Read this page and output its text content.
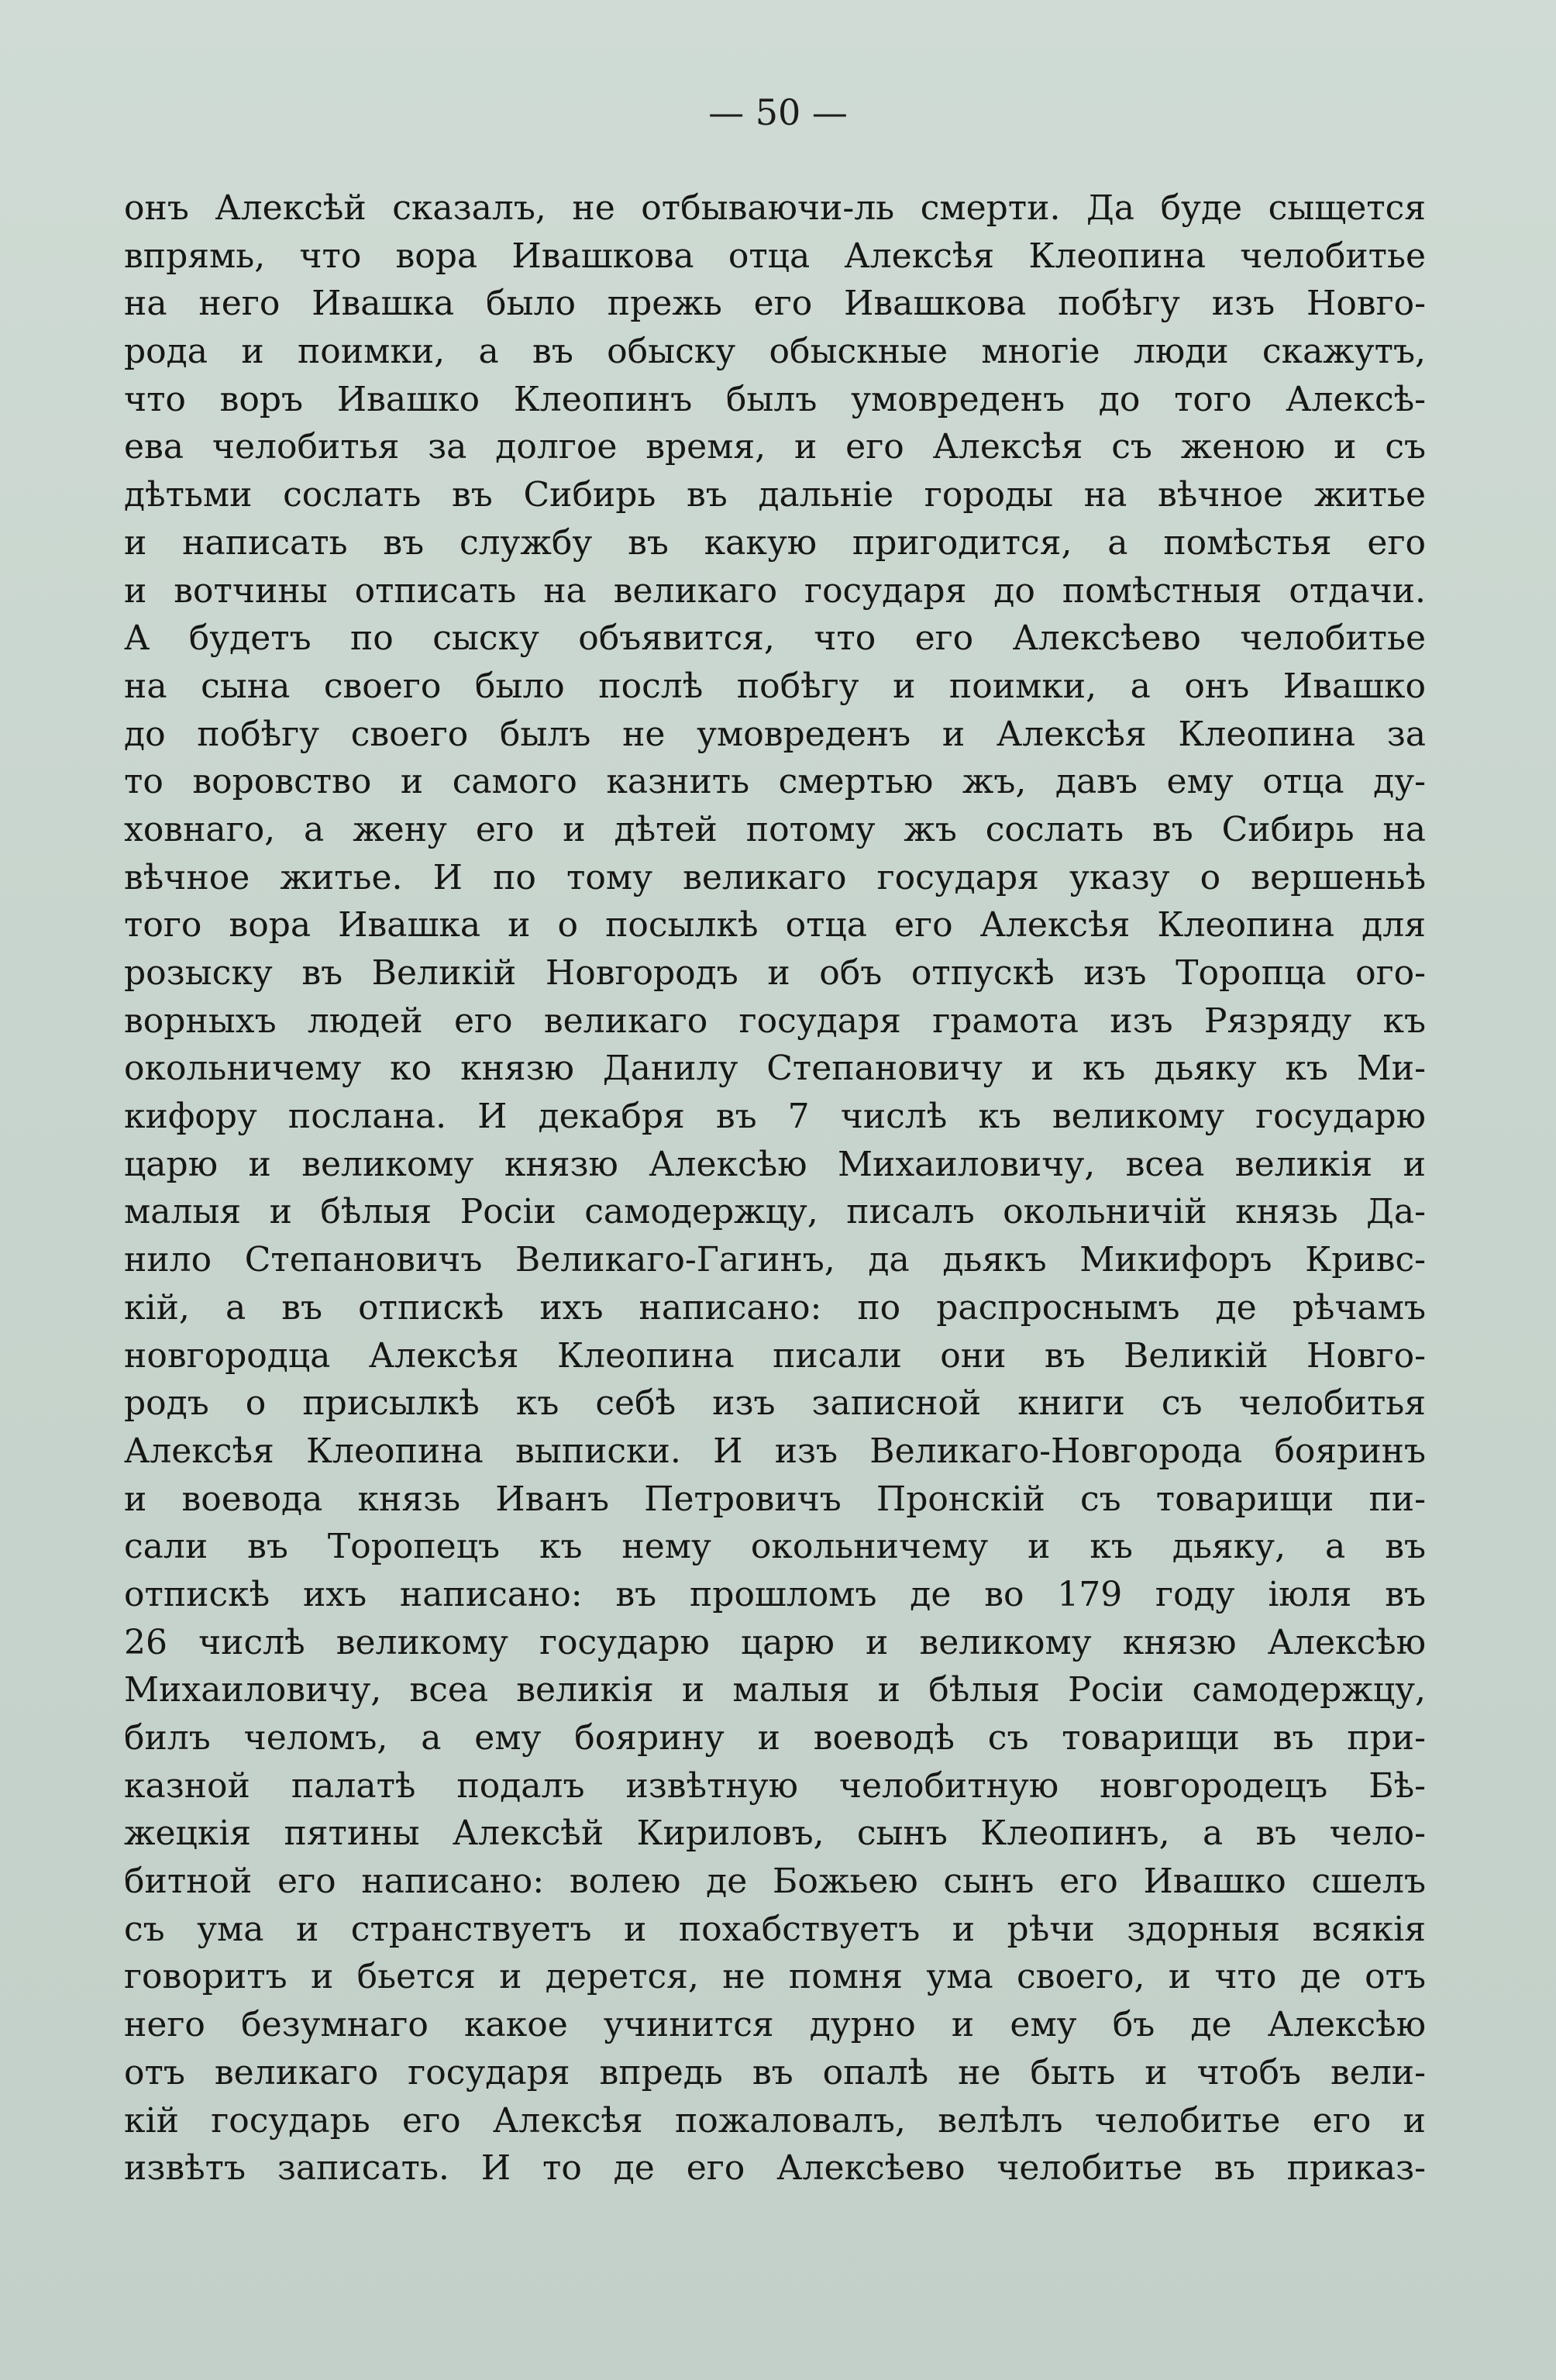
— 50 —
онъ Алексѣй сказалъ, не отбываючи-ль смерти. Да буде сыщется
впрямь, что вора Ивашкова отца Алексѣя Клеопина челобитье
на него Ивашка было прежь его Ивашкова побѣгу изъ Новго-
рода и поимки, а въ обыску обыскные многіе люди скажутъ,
что воръ Ивашко Клеопинъ былъ умовреденъ до того Алексѣ-
ева челобитья за долгое время, и его Алексѣя съ женою и съ
дѣтьми сослать въ Сибирь въ дальніе городы на вѣчное житье
и написать въ службу въ какую пригодится, а помѣстья его
и вотчины отписать на великаго государя до помѣстныя отдачи.
А будетъ по сыску объявится, что его Алексѣево челобитье
на сына своего было послѣ побѣгу и поимки, а онъ Ивашко
до побѣгу своего былъ не умовреденъ и Алексѣя Клеопина за
то воровство и самого казнить смертью жъ, давъ ему отца ду-
ховнаго, а жену его и дѣтей потому жъ сослать въ Сибирь на
вѣчное житье. И по тому великаго государя указу о вершеньѣ
того вора Ивашка и о посылкѣ отца его Алексѣя Клеопина для
розыску въ Великій Новгородъ и объ отпускѣ изъ Торопца ого-
ворныхъ людей его великаго государя грамота изъ Рязряду къ
окольничему ко князю Данилу Степановичу и къ дьяку къ Ми-
кифору послана. И декабря въ 7 числѣ къ великому государю
царю и великому князю Алексѣю Михаиловичу, всеа великія и
малыя и бѣлыя Росіи самодержцу, писалъ окольничій князь Да-
нило Степановичъ Великаго-Гагинъ, да дьякъ Микифоръ Кривс-
кій, а въ отпискѣ ихъ написано: по распроснымъ де рѣчамъ
новгородца Алексѣя Клеопина писали они въ Великій Новго-
родъ о присылкѣ къ себѣ изъ записной книги съ челобитья
Алексѣя Клеопина выписки. И изъ Великаго-Новгорода бояринъ
и воевода князь Иванъ Петровичъ Пронскій съ товарищи пи-
сали въ Торопецъ къ нему окольничему и къ дьяку, а въ
отпискѣ ихъ написано: въ прошломъ де во 179 году іюля въ
26 числѣ великому государю царю и великому князю Алексѣю
Михаиловичу, всеа великія и малыя и бѣлыя Росіи самодержцу,
билъ челомъ, а ему боярину и воеводѣ съ товарищи въ при-
казной палатѣ подалъ извѣтную челобитную новгородецъ Бѣ-
жецкія пятины Алексѣй Кириловъ, сынъ Клеопинъ, а въ чело-
битной его написано: волею де Божьею сынъ его Ивашко сшелъ
съ ума и странствуетъ и похабствуетъ и рѣчи здорныя всякія
говоритъ и бьется и дерется, не помня ума своего, и что де отъ
него безумнаго какое учинится дурно и ему бъ де Алексѣю
отъ великаго государя впредь въ опалѣ не быть и чтобъ вели-
кій государь его Алексѣя пожаловалъ, велѣлъ челобитье его и
извѣтъ записать. И то де его Алексѣево челобитье въ приказ-
